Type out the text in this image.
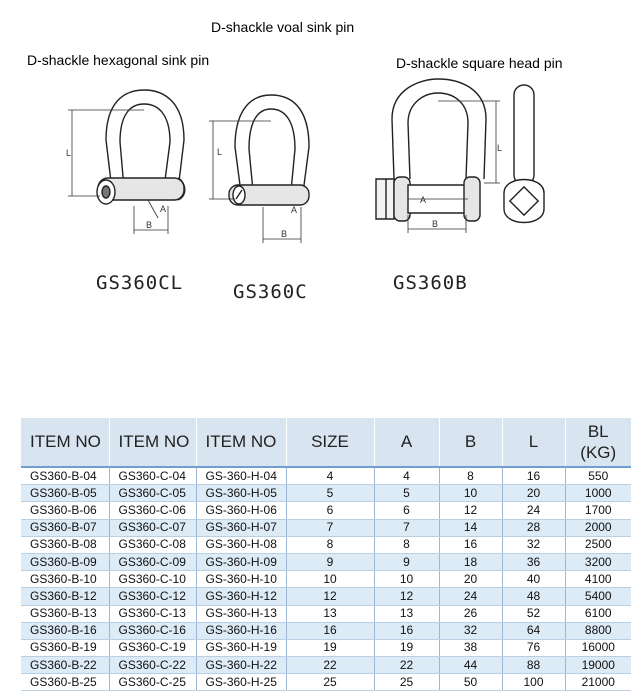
D-shackle voal sink pin
D-shackle hexagonal sink pin	D-shackle square head pin
L
B
A
L
B
A
L
A
B
GS360CL	GS360C	GS360B
ITEM NO	ITEM NO	ITEM NO	SIZE	A	B	L	BL
(KG)
GS360-B-04	GS360-C-04	GS-360-H-04	4	4	8	16	550
GS360-B-05	GS360-C-05	GS-360-H-05	5	5	10	20	1000
GS360-B-06	GS360-C-06	GS-360-H-06	6	6	12	24	1700
GS360-B-07	GS360-C-07	GS-360-H-07	7	7	14	28	2000
GS360-B-08	GS360-C-08	GS-360-H-08	8	8	16	32	2500
GS360-B-09	GS360-C-09	GS-360-H-09	9	9	18	36	3200
GS360-B-10	GS360-C-10	GS-360-H-10	10	10	20	40	4100
GS360-B-12	GS360-C-12	GS-360-H-12	12	12	24	48	5400
GS360-B-13	GS360-C-13	GS-360-H-13	13	13	26	52	6100
GS360-B-16	GS360-C-16	GS-360-H-16	16	16	32	64	8800
GS360-B-19	GS360-C-19	GS-360-H-19	19	19	38	76	16000
GS360-B-22	GS360-C-22	GS-360-H-22	22	22	44	88	19000
GS360-B-25	GS360-C-25	GS-360-H-25	25	25	50	100	21000
